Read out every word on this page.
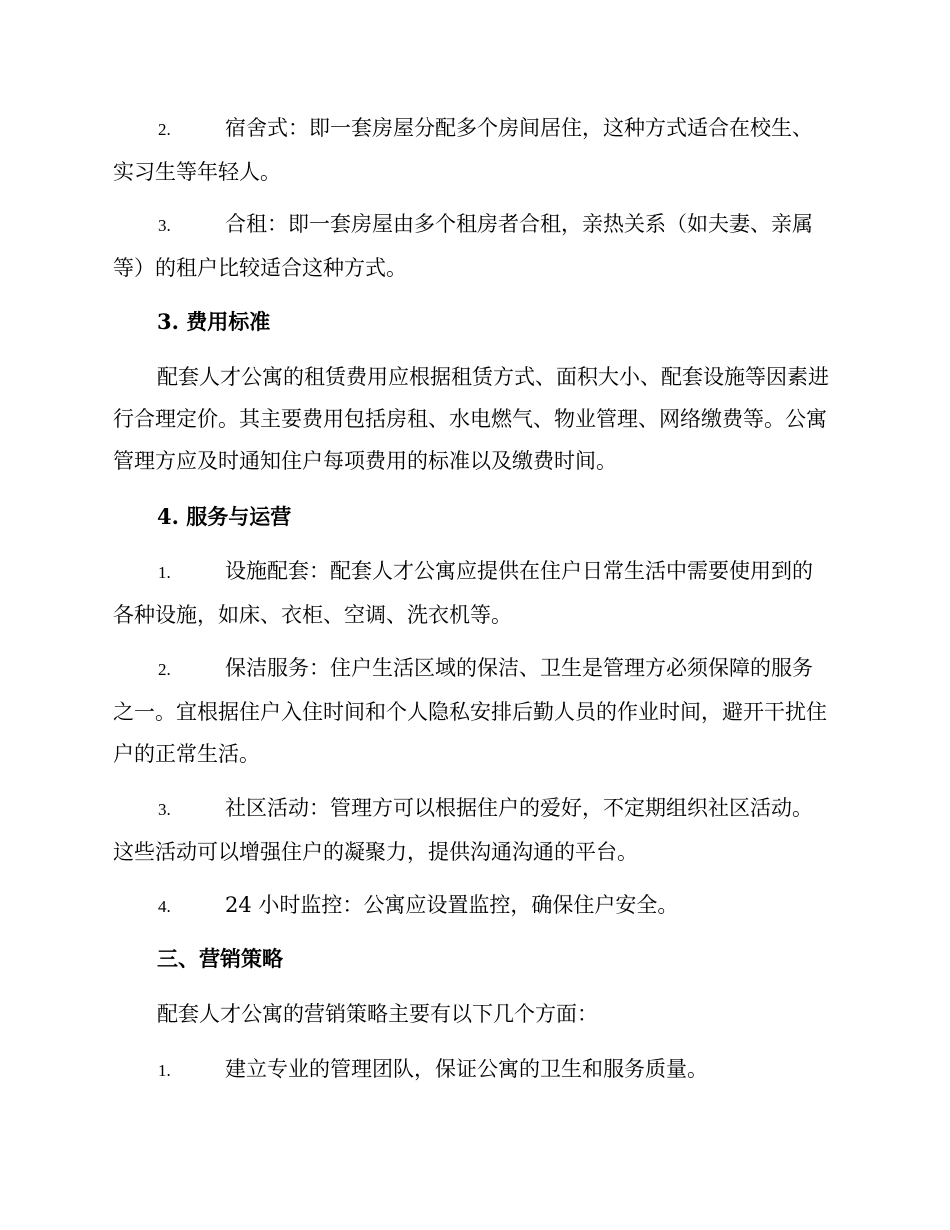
2.	宿舍式：即一套房屋分配多个房间居住，这种方式适合在校生、实习生等年轻人。

3.	合租：即一套房屋由多个租房者合租，亲热关系（如夫妻、亲属等）的租户比较适合这种方式。

3. 费用标准

配套人才公寓的租赁费用应根据租赁方式、面积大小、配套设施等因素进行合理定价。其主要费用包括房租、水电燃气、物业管理、网络缴费等。公寓管理方应及时通知住户每项费用的标准以及缴费时间。

4. 服务与运营

1.	设施配套：配套人才公寓应提供在住户日常生活中需要使用到的各种设施，如床、衣柜、空调、洗衣机等。

2.	保洁服务：住户生活区域的保洁、卫生是管理方必须保障的服务之一。宜根据住户入住时间和个人隐私安排后勤人员的作业时间，避开干扰住户的正常生活。

3.	社区活动：管理方可以根据住户的爱好，不定期组织社区活动。这些活动可以增强住户的凝聚力，提供沟通沟通的平台。

4.	24 小时监控：公寓应设置监控，确保住户安全。

三、营销策略

配套人才公寓的营销策略主要有以下几个方面：

1.	建立专业的管理团队，保证公寓的卫生和服务质量。
